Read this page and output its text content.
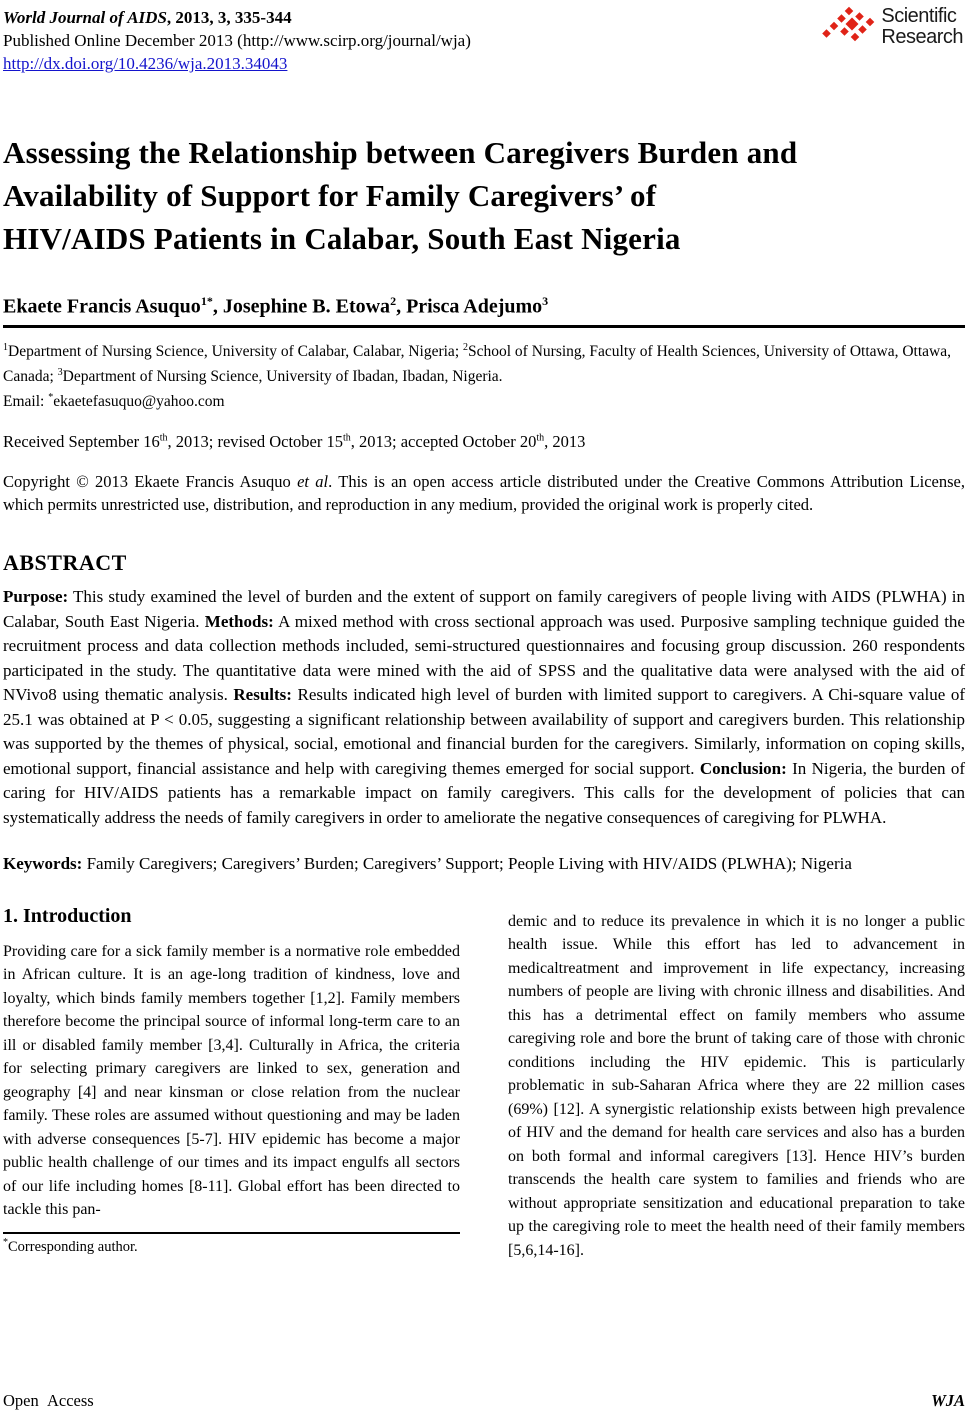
World Journal of AIDS, 2013, 3, 335-344
Published Online December 2013 (http://www.scirp.org/journal/wja)
http://dx.doi.org/10.4236/wja.2013.34043
Scientific
Research
Assessing the Relationship between Caregivers Burden and
Availability of Support for Family Caregivers’ of
HIV/AIDS Patients in Calabar, South East Nigeria
Ekaete Francis Asuquo$^{1*}$, Josephine B. Etowa$^2$, Prisca Adejumo$^3$
$^1$Department of Nursing Science, University of Calabar, Calabar, Nigeria; $^2$School of Nursing, Faculty of Health Sciences, University of Ottawa, Ottawa, Canada; $^3$Department of Nursing Science, University of Ibadan, Ibadan, Nigeria.
Email: *ekaetefasuquo@yahoo.com
Received September 16th, 2013; revised October 15th, 2013; accepted October 20th, 2013

Copyright © 2013 Ekaete Francis Asuquo et al. This is an open access article distributed under the Creative Commons Attribution License, which permits unrestricted use, distribution, and reproduction in any medium, provided the original work is properly cited.

ABSTRACT

Purpose: This study examined the level of burden and the extent of support on family caregivers of people living with AIDS (PLWHA) in Calabar, South East Nigeria. Methods: A mixed method with cross sectional approach was used. Purposive sampling technique guided the recruitment process and data collection methods included, semi-structured questionnaires and focusing group discussion. 260 respondents participated in the study. The quantitative data were mined with the aid of SPSS and the qualitative data were analysed with the aid of NVivo8 using thematic analysis. Results: Results indicated high level of burden with limited support to caregivers. A Chi-square value of 25.1 was obtained at P < 0.05, suggesting a significant relationship between availability of support and caregivers burden. This relationship was supported by the themes of physical, social, emotional and financial burden for the caregivers. Similarly, information on coping skills, emotional support, financial assistance and help with caregiving themes emerged for social support. Conclusion: In Nigeria, the burden of caring for HIV/AIDS patients has a remarkable impact on family caregivers. This calls for the development of policies that can systematically address the needs of family caregivers in order to ameliorate the negative consequences of caregiving for PLWHA.

Keywords: Family Caregivers; Caregivers’ Burden; Caregivers’ Support; People Living with HIV/AIDS (PLWHA); Nigeria

1. Introduction

Providing care for a sick family member is a normative role embedded in African culture. It is an age-long tradition of kindness, love and loyalty, which binds family members together [1,2]. Family members therefore become the principal source of informal long-term care to an ill or disabled family member [3,4]. Culturally in Africa, the criteria for selecting primary caregivers are linked to sex, generation and geography [4] and near kinsman or close relation from the nuclear family. These roles are assumed without questioning and may be laden with adverse consequences [5-7]. HIV epidemic has become a major public health challenge of our times and its impact engulfs all sectors of our life including homes [8-11]. Global effort has been directed to tackle this pan-

*Corresponding author.

demic and to reduce its prevalence in which it is no longer a public health issue. While this effort has led to advancement in medicaltreatment and improvement in life expectancy, increasing numbers of people are living with chronic illness and disabilities. And this has a detrimental effect on family members who assume caregiving role and bore the brunt of taking care of those with chronic conditions including the HIV epidemic. This is particularly problematic in sub-Saharan Africa where they are 22 million cases (69%) [12]. A synergistic relationship exists between high prevalence of HIV and the demand for health care services and also has a burden on both formal and informal caregivers [13]. Hence HIV’s burden transcends the health care system to families and friends who are without appropriate sensitization and educational preparation to take up the caregiving role to meet the health need of their family members [5,6,14-16].

Open Access	WJA
